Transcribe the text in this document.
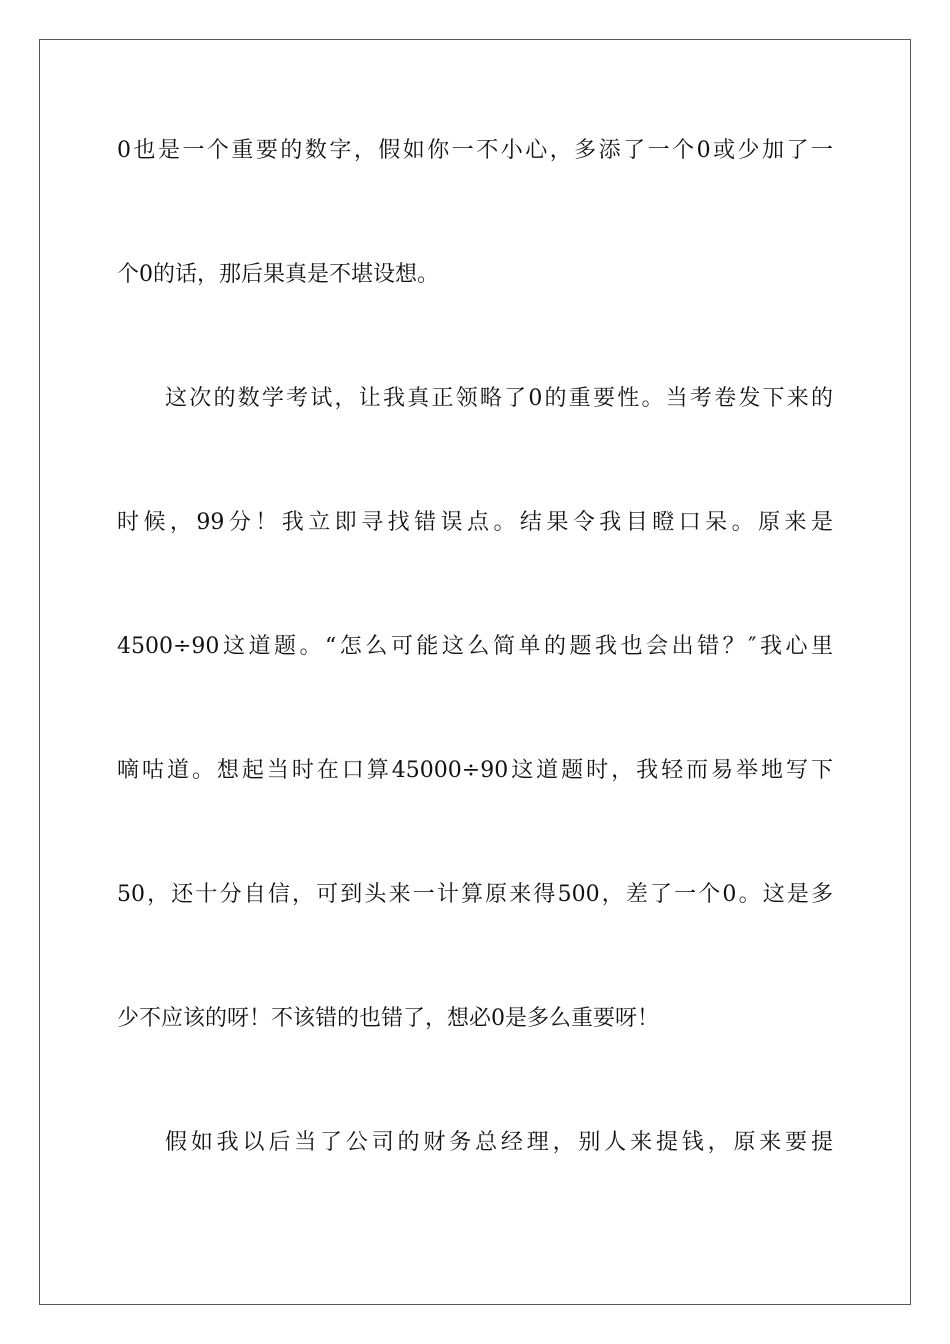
0也是一个重要的数字，假如你一不小心，多添了一个0或少加了一
个0的话，那后果真是不堪设想。
这次的数学考试，让我真正领略了0的重要性。当考卷发下来的
时候，99分！我立即寻找错误点。结果令我目瞪口呆。原来是
4500÷90这道题。“怎么可能这么简单的题我也会出错？″我心里
嘀咕道。想起当时在口算45000÷90这道题时，我轻而易举地写下
50，还十分自信，可到头来一计算原来得500，差了一个0。这是多
少不应该的呀！不该错的也错了，想必0是多么重要呀！
假如我以后当了公司的财务总经理，别人来提钱，原来要提
